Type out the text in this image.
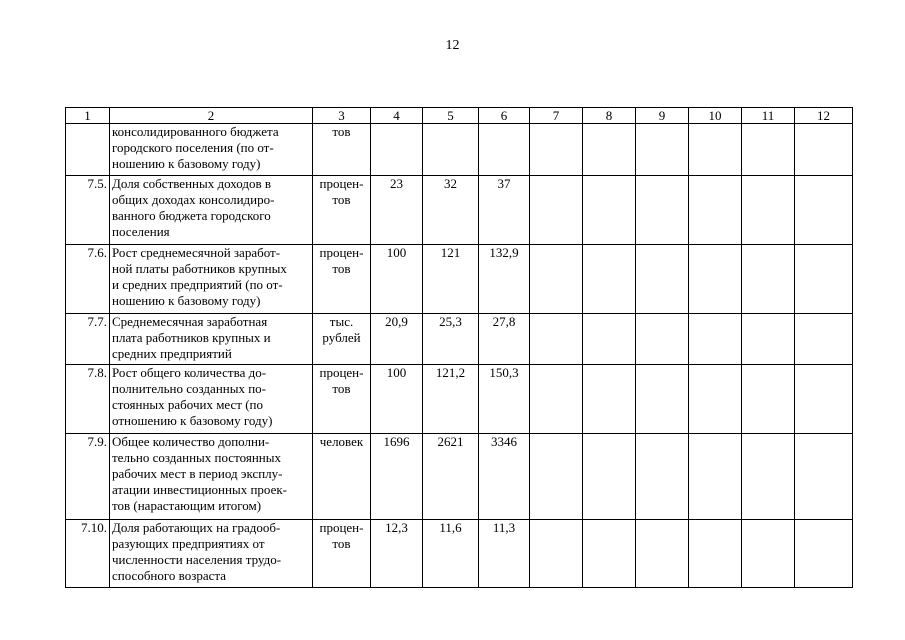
12
1	2	3	4	5	6	7	8	9	10	11	12
	консолидированного бюджета
городского поселения (по от-
ношению к базовому году)	тов									
7.5.	Доля собственных доходов в
общих доходах консолидиро-
ванного бюджета городского
поселения	процен-
тов	23	32	37						
7.6.	Рост среднемесячной заработ-
ной платы работников крупных
и средних предприятий (по от-
ношению к базовому году)	процен-
тов	100	121	132,9						
7.7.	Среднемесячная заработная
плата работников крупных и
средних предприятий	тыс.
рублей	20,9	25,3	27,8						
7.8.	Рост общего количества до-
полнительно созданных по-
стоянных рабочих мест (по
отношению к базовому году)	процен-
тов	100	121,2	150,3						
7.9.	Общее количество дополни-
тельно созданных постоянных
рабочих мест в период эксплу-
атации инвестиционных проек-
тов (нарастающим итогом)	человек	1696	2621	3346						
7.10.	Доля работающих на градооб-
разующих предприятиях от
численности населения трудо-
способного возраста	процен-
тов	12,3	11,6	11,3						
